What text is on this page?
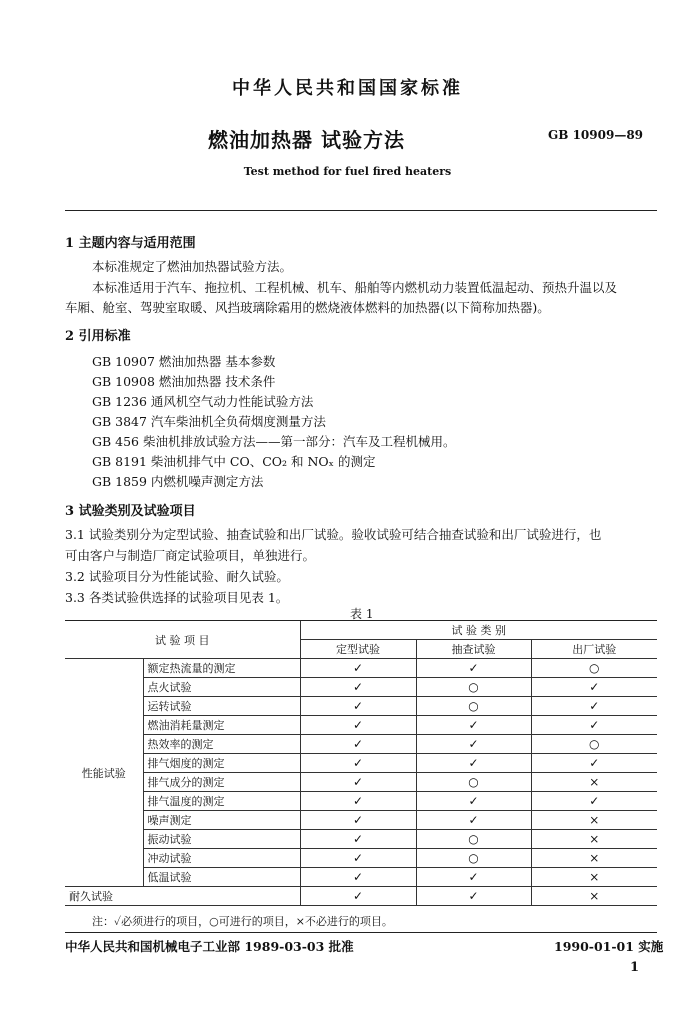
中华人民共和国国家标准
燃油加热器 试验方法	GB 10909—89
Test method for fuel fired heaters
1 主题内容与适用范围
本标准规定了燃油加热器试验方法。
本标准适用于汽车、拖拉机、工程机械、机车、船舶等内燃机动力装置低温起动、预热升温以及
车厢、舱室、驾驶室取暖、风挡玻璃除霜用的燃烧液体燃料的加热器(以下简称加热器)。
2 引用标准
GB 10907 燃油加热器 基本参数
GB 10908 燃油加热器 技术条件
GB 1236 通风机空气动力性能试验方法
GB 3847 汽车柴油机全负荷烟度测量方法
GB 456 柴油机排放试验方法——第一部分：汽车及工程机械用。
GB 8191 柴油机排气中 CO、CO₂ 和 NOₓ 的测定
GB 1859 内燃机噪声测定方法
3 试验类别及试验项目
3.1 试验类别分为定型试验、抽查试验和出厂试验。验收试验可结合抽查试验和出厂试验进行，也
可由客户与制造厂商定试验项目，单独进行。
3.2 试验项目分为性能试验、耐久试验。
3.3 各类试验供选择的试验项目见表 1。
表 1
试 验 项 目		试 验 类 别		
		定型试验	抽查试验	出厂试验
性能试验	额定热流量的测定	✓	✓	○
	点火试验	✓	○	✓
	运转试验	✓	○	✓
	燃油消耗量测定	✓	✓	✓
	热效率的测定	✓	✓	○
	排气烟度的测定	✓	✓	✓
	排气成分的测定	✓	○	×
	排气温度的测定	✓	✓	✓
	噪声测定	✓	✓	×
	振动试验	✓	○	×
	冲动试验	✓	○	×
	低温试验	✓	✓	×
耐久试验		✓	✓	×
注：✓必须进行的项目，○可进行的项目，×不必进行的项目。
中华人民共和国机械电子工业部 1989-03-03 批准	1990-01-01 实施
1
